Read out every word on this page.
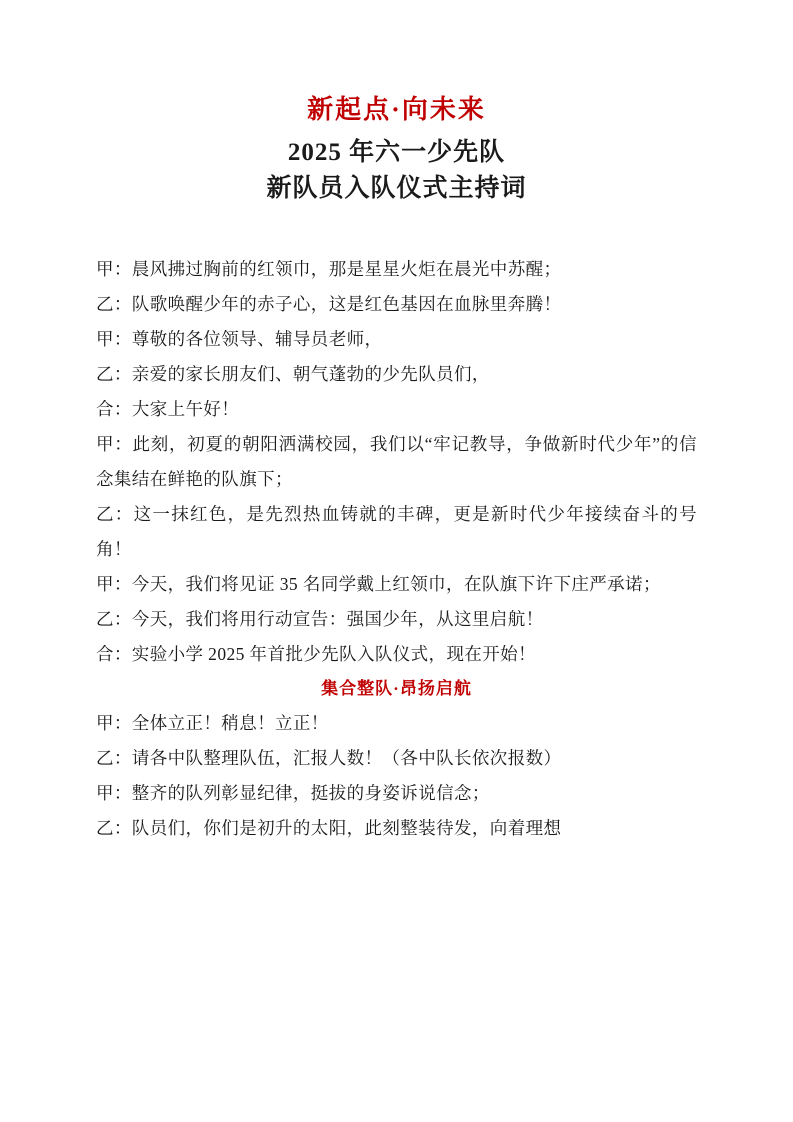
新起点·向未来
2025 年六一少先队
新队员入队仪式主持词

甲：晨风拂过胸前的红领巾，那是星星火炬在晨光中苏醒；

乙：队歌唤醒少年的赤子心，这是红色基因在血脉里奔腾！

甲：尊敬的各位领导、辅导员老师，

乙：亲爱的家长朋友们、朝气蓬勃的少先队员们，

合：大家上午好！

甲：此刻，初夏的朝阳洒满校园，我们以“牢记教导，争做新时代少年”的信念集结在鲜艳的队旗下；

乙：这一抹红色，是先烈热血铸就的丰碑，更是新时代少年接续奋斗的号角！

甲：今天，我们将见证 35 名同学戴上红领巾，在队旗下许下庄严承诺；

乙：今天，我们将用行动宣告：强国少年，从这里启航！

合：实验小学 2025 年首批少先队入队仪式，现在开始！

集合整队·昂扬启航

甲：全体立正！稍息！立正！

乙：请各中队整理队伍，汇报人数！（各中队长依次报数）

甲：整齐的队列彰显纪律，挺拔的身姿诉说信念；

乙：队员们，你们是初升的太阳，此刻整装待发，向着理想
